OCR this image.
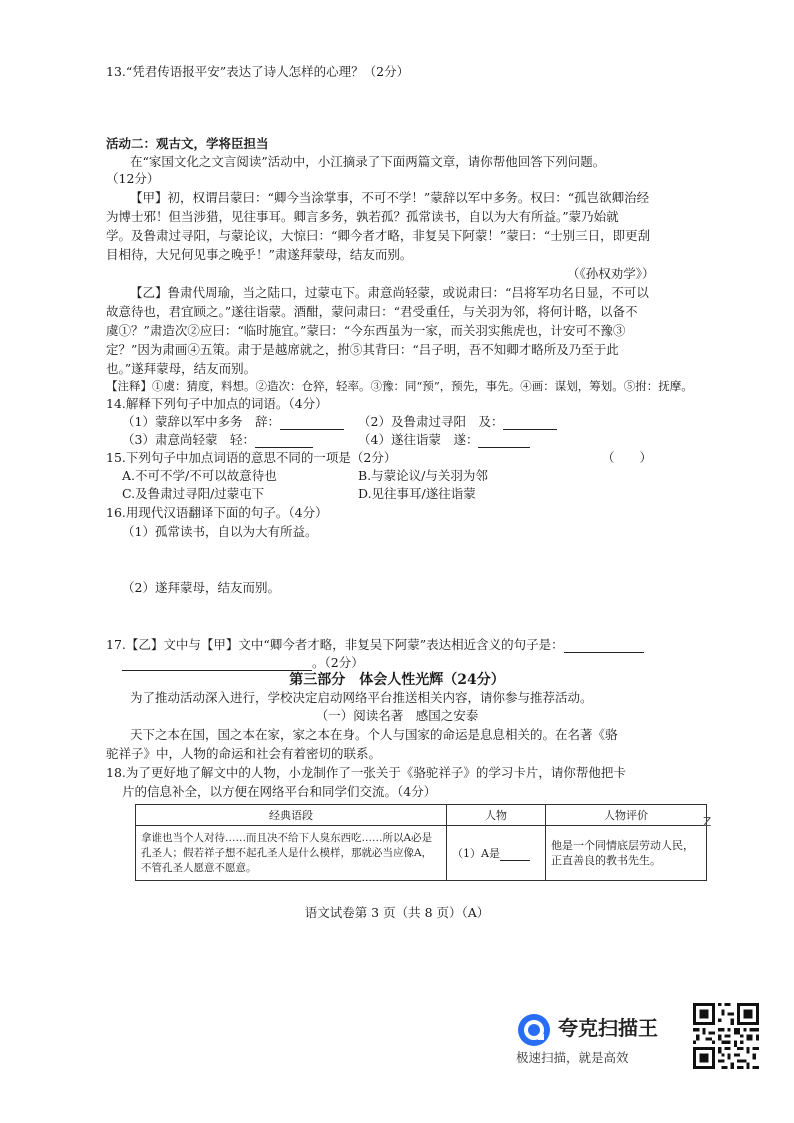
13.“凭君传语报平安”表达了诗人怎样的心理？（2分）
活动二：观古文，学将臣担当
在“家国文化之文言阅读”活动中，小江摘录了下面两篇文章，请你帮他回答下列问题。
（12分）
【甲】初，权谓吕蒙曰：“卿今当涂掌事，不可不学！”蒙辞以军中多务。权曰：“孤岂欲卿治经
为博士邪！但当涉猎，见往事耳。卿言多务，孰若孤？孤常读书，自以为大有所益。”蒙乃始就
学。及鲁肃过寻阳，与蒙论议，大惊曰：“卿今者才略，非复吴下阿蒙！”蒙曰：“士别三日，即更刮
目相待，大兄何见事之晚乎！”肃遂拜蒙母，结友而别。
（《孙权劝学》）
【乙】鲁肃代周瑜，当之陆口，过蒙屯下。肃意尚轻蒙，或说肃曰：“吕将军功名日显，不可以
故意待也，君宜顾之。”遂往诣蒙。酒酣，蒙问肃曰：“君受重任，与关羽为邻，将何计略，以备不
虞①？”肃造次②应曰：“临时施宜。”蒙曰：“今东西虽为一家，而关羽实熊虎也，计安可不豫③
定？”因为肃画④五策。肃于是越席就之，拊⑤其背曰：“吕子明，吾不知卿才略所及乃至于此
也。”遂拜蒙母，结友而别。
【注释】①虞：猜度，料想。②造次：仓猝，轻率。③豫：同“预”，预先，事先。④画：谋划，筹划。⑤拊：抚摩。
14.解释下列句子中加点的词语。（4分）
（1）蒙辞以军中多务　辞：	（2）及鲁肃过寻阳　及：
（3）肃意尚轻蒙　轻：	（4）遂往诣蒙　遂：
15.下列句子中加点词语的意思不同的一项是（2分）	（　　）
A.不可不学/不可以故意待也	B.与蒙论议/与关羽为邻
C.及鲁肃过寻阳/过蒙屯下	D.见往事耳/遂往诣蒙
16.用现代汉语翻译下面的句子。（4分）
（1）孤常读书，自以为大有所益。
（2）遂拜蒙母，结友而别。
17.【乙】文中与【甲】文中“卿今者才略，非复吴下阿蒙”表达相近含义的句子是：
。（2分）
第三部分　体会人性光辉（24分）
为了推动活动深入进行，学校决定启动网络平台推送相关内容，请你参与推荐活动。
（一）阅读名著　感国之安泰
天下之本在国，国之本在家，家之本在身。个人与国家的命运是息息相关的。在名著《骆
驼祥子》中，人物的命运和社会有着密切的联系。
18.为了更好地了解文中的人物，小龙制作了一张关于《骆驼祥子》的学习卡片，请你帮他把卡
片的信息补全，以方便在网络平台和同学们交流。（4分）
经典语段	人物	人物评价
拿谁也当个人对待……而且决不给下人臭东西吃……所以A必是孔圣人；假若祥子想不起孔圣人是什么模样，那就必当应像A，不管孔圣人愿意不愿意。	（1）A是	他是一个同情底层劳动人民，正直善良的教书先生。
Z
语文试卷第 3 页（共 8 页）（A）
夸克扫描王
极速扫描，就是高效
